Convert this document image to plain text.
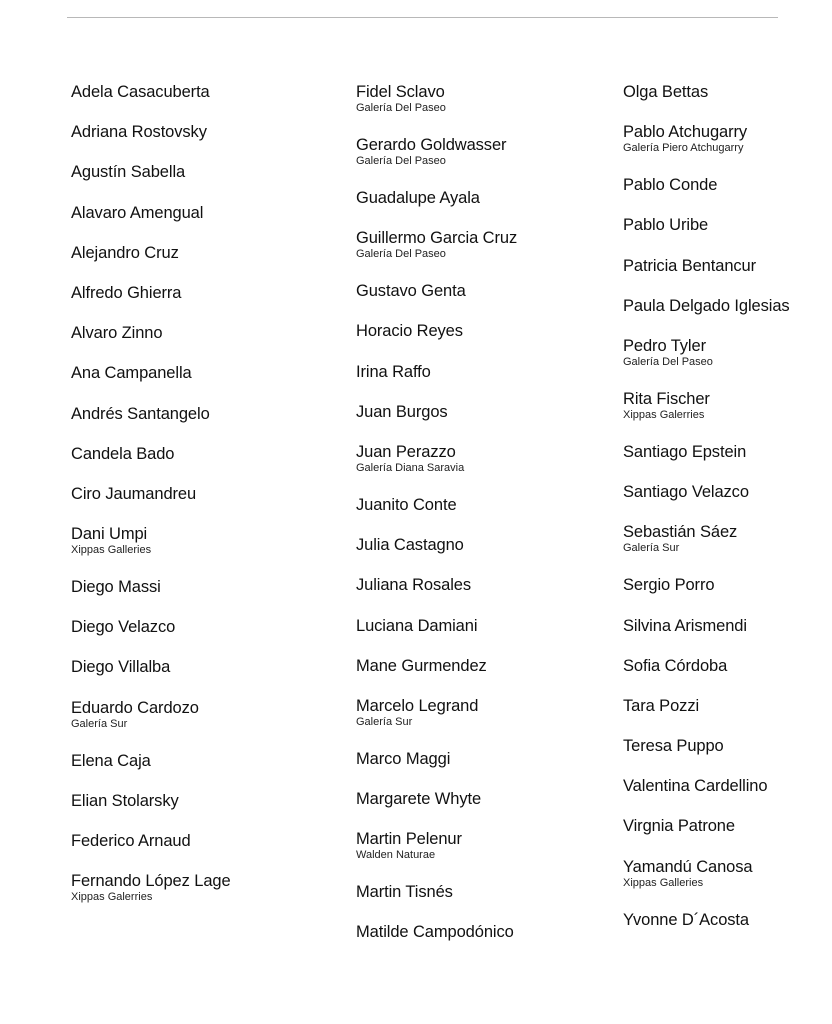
Adela Casacuberta
Adriana Rostovsky
Agustín Sabella
Alavaro Amengual
Alejandro Cruz
Alfredo Ghierra
Alvaro Zinno
Ana Campanella
Andrés Santangelo
Candela Bado
Ciro Jaumandreu
Dani Umpi
Xippas Galleries
Diego Massi
Diego Velazco
Diego Villalba
Eduardo Cardozo
Galería Sur
Elena Caja
Elian Stolarsky
Federico Arnaud
Fernando López Lage
Xippas Galerries
Fidel Sclavo
Galería Del Paseo
Gerardo Goldwasser
Galería Del Paseo
Guadalupe Ayala
Guillermo Garcia Cruz
Galería Del Paseo
Gustavo Genta
Horacio Reyes
Irina Raffo
Juan Burgos
Juan Perazzo
Galería Diana Saravia
Juanito Conte
Julia Castagno
Juliana Rosales
Luciana Damiani
Mane Gurmendez
Marcelo Legrand
Galería Sur
Marco Maggi
Margarete Whyte
Martin Pelenur
Walden Naturae
Martin Tisnés
Matilde Campodónico
Olga Bettas
Pablo Atchugarry
Galería Piero Atchugarry
Pablo Conde
Pablo Uribe
Patricia Bentancur
Paula Delgado Iglesias
Pedro Tyler
Galería Del Paseo
Rita Fischer
Xippas Galerries
Santiago Epstein
Santiago Velazco
Sebastián Sáez
Galería Sur
Sergio Porro
Silvina Arismendi
Sofia Córdoba
Tara Pozzi
Teresa Puppo
Valentina Cardellino
Virgnia Patrone
Yamandú Canosa
Xippas Galleries
Yvonne D´Acosta
